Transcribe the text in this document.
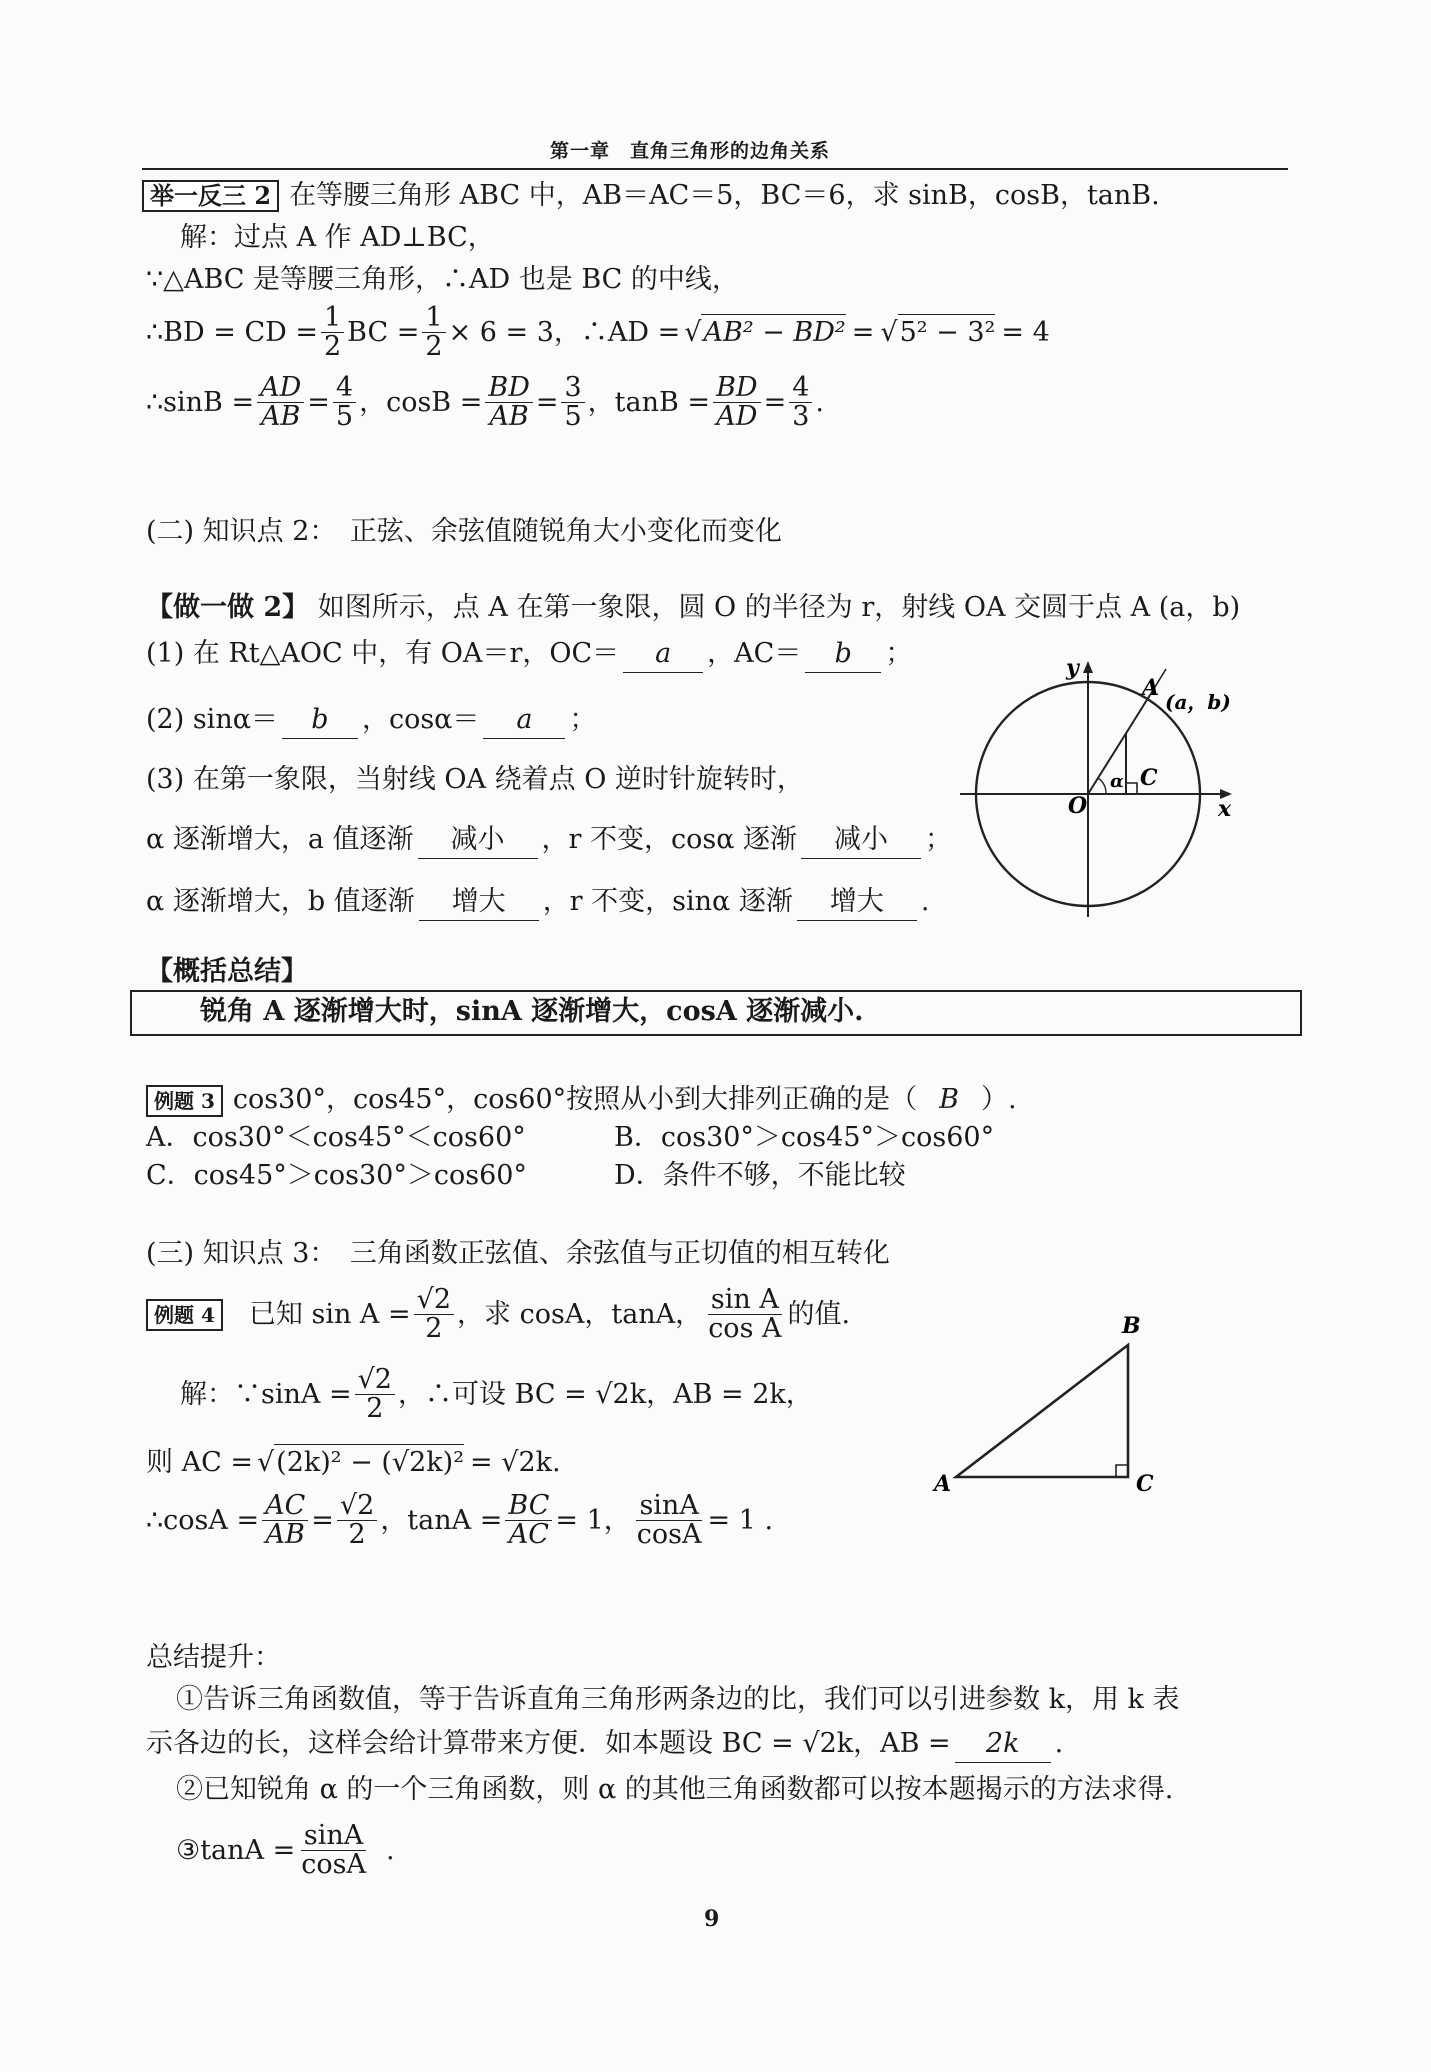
第一章　直角三角形的边角关系
举一反三 2 在等腰三角形 ABC 中，AB＝AC＝5，BC＝6，求 sinB，cosB，tanB.
解：过点 A 作 AD⊥BC，
∵△ABC 是等腰三角形，∴AD 也是 BC 的中线，
∴BD = CD = $\frac{1}{2}$ BC = $\frac{1}{2} \times 6 = 3$，∴AD = √ AB² − BD² = √ 5² − 3² = 4
∴sinB = $\frac{AD}{AB} = \frac{4}{5}$ ，$\cos B = \frac{BD}{AB} = \frac{3}{5}$ ，$\tan B = \frac{BD}{AD} = \frac{4}{3}$ .
(二) 知识点 2：　正弦、余弦值随锐角大小变化而变化
【做一做 2】 如图所示，点 A 在第一象限，圆 O 的半径为 r，射线 OA 交圆于点 A (a，b)
(1) 在 Rt△AOC 中，有 OA＝r，OC＝ a ，AC＝ b ；
(2) sinα＝ b ，cosα＝ a ；
(3) 在第一象限，当射线 OA 绕着点 O 逆时针旋转时，
α 逐渐增大，a 值逐渐 减小 ，r 不变，cosα 逐渐 减小 ；
α 逐渐增大，b 值逐渐 增大 ，r 不变，sinα 逐渐 增大 .
y
x
O
A
(a，b)
C
α
【概括总结】
锐角 A 逐渐增大时，sinA 逐渐增大，cosA 逐渐减小.
例题 3 cos30°，cos45°，cos60°按照从小到大排列正确的是（ B ）.
A．cos30°＜cos45°＜cos60°	B．cos30°＞cos45°＞cos60°
C．cos45°＞cos30°＞cos60°	D．条件不够，不能比较
(三) 知识点 3：　三角函数正弦值、余弦值与正切值的相互转化
例题 4 已知 $\sin A = \frac{√2}{2}$ ，求 cosA，tanA， $\frac{\text{sin A}}{\text{cos A}}$ 的值.
解：∵sinA = $\frac{√2}{2}$ ，∴可设 BC = √2k，AB = 2k，
则 AC = √ (2k)² − (√2k)² = √2k.
∴cosA = $\frac{AC}{AB} = \frac{√2}{2}$ ，$\tan A = \frac{BC}{AC} = 1$， $\frac{\sin A}{\cos A} = 1$ .
A
B
C
总结提升：
①告诉三角函数值，等于告诉直角三角形两条边的比，我们可以引进参数 k，用 k 表
示各边的长，这样会给计算带来方便．如本题设 BC = √2k，AB = 2k .
②已知锐角 α 的一个三角函数，则 α 的其他三角函数都可以按本题揭示的方法求得.
③tanA = $\frac{\sin A}{\cos A}$ .
9
